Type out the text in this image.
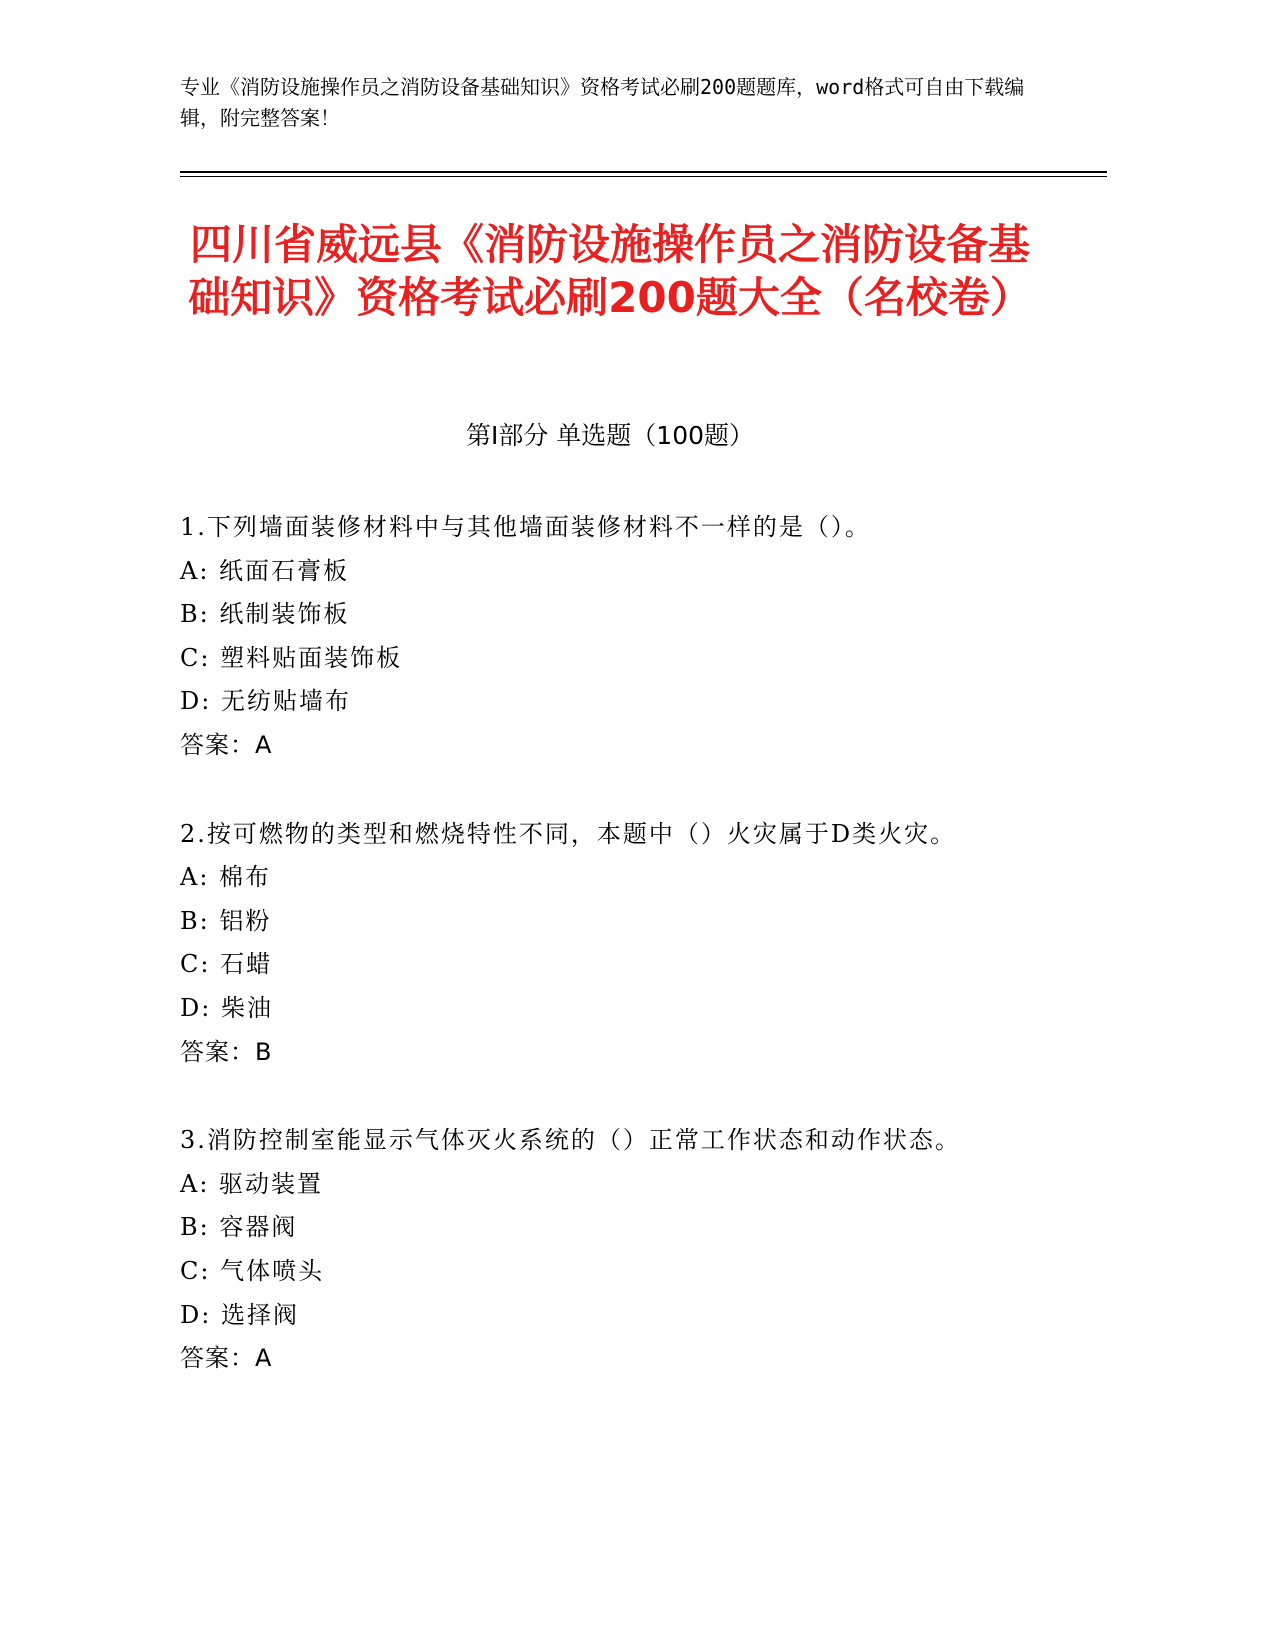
专业《消防设施操作员之消防设备基础知识》资格考试必刷200题题库，word格式可自由下载编辑，附完整答案！
四川省威远县《消防设施操作员之消防设备基础知识》资格考试必刷200题大全（名校卷）
第I部分 单选题（100题）
1.下列墙面装修材料中与其他墙面装修材料不一样的是（）。
A: 纸面石膏板
B: 纸制装饰板
C: 塑料贴面装饰板
D: 无纺贴墙布
答案：A
2.按可燃物的类型和燃烧特性不同，本题中（）火灾属于D类火灾。
A: 棉布
B: 铝粉
C: 石蜡
D: 柴油
答案：B
3.消防控制室能显示气体灭火系统的（）正常工作状态和动作状态。
A: 驱动装置
B: 容器阀
C: 气体喷头
D: 选择阀
答案：A
